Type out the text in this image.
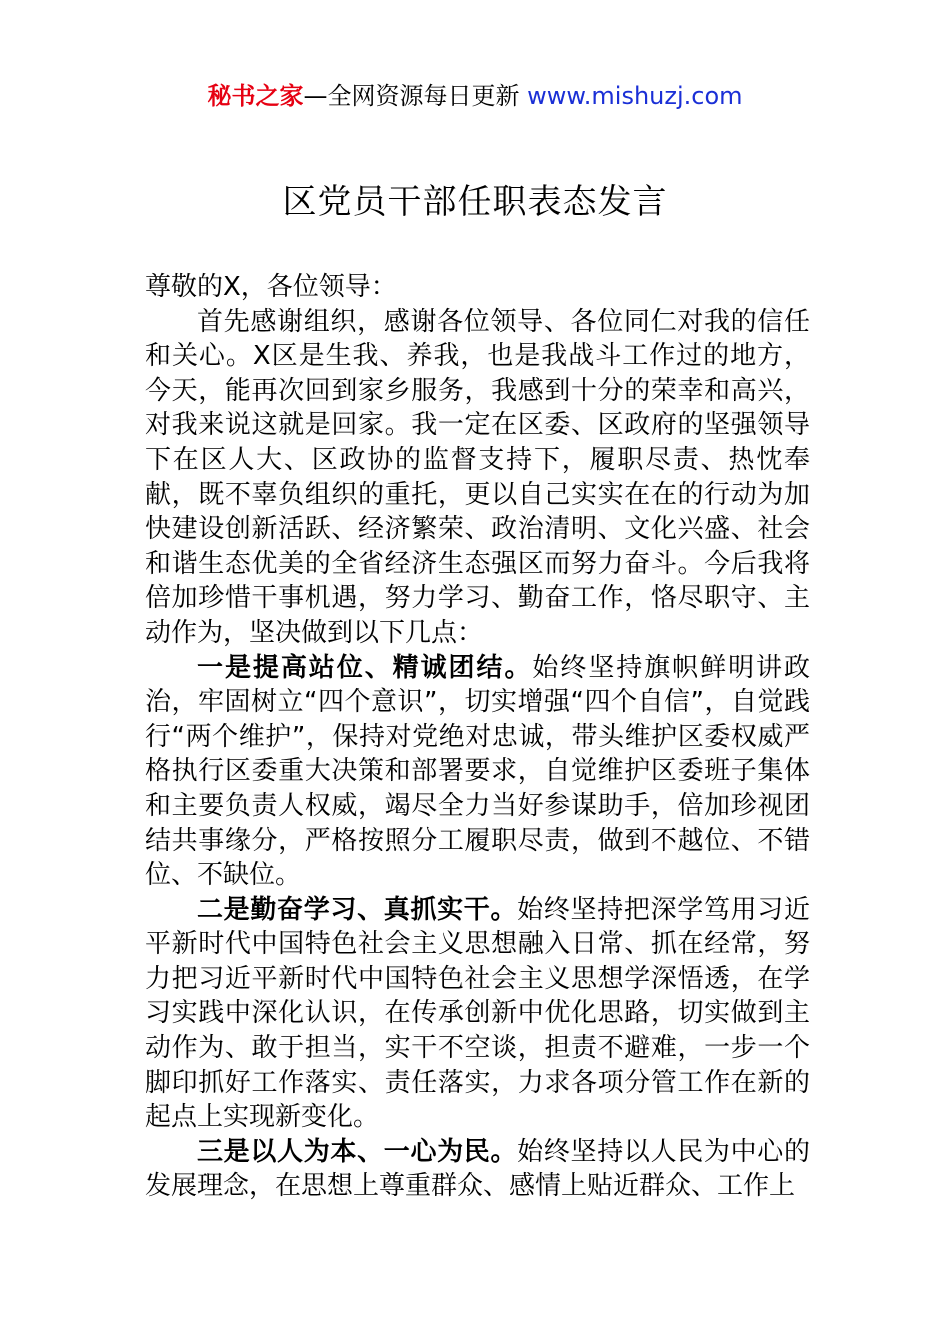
秘书之家—全网资源每日更新 www.mishuzj.com
区党员干部任职表态发言

尊敬的X，各位领导：

首先感谢组织，感谢各位领导、各位同仁对我的信任和关心。X区是生我、养我，也是我战斗工作过的地方，今天，能再次回到家乡服务，我感到十分的荣幸和高兴，对我来说这就是回家。我一定在区委、区政府的坚强领导下在区人大、区政协的监督支持下，履职尽责、热忱奉献，既不辜负组织的重托，更以自己实实在在的行动为加快建设创新活跃、经济繁荣、政治清明、文化兴盛、社会和谐生态优美的全省经济生态强区而努力奋斗。今后我将倍加珍惜干事机遇，努力学习、勤奋工作，恪尽职守、主动作为，坚决做到以下几点：

一是提高站位、精诚团结。始终坚持旗帜鲜明讲政治，牢固树立“四个意识”，切实增强“四个自信”，自觉践行“两个维护”，保持对党绝对忠诚，带头维护区委权威严格执行区委重大决策和部署要求，自觉维护区委班子集体和主要负责人权威，竭尽全力当好参谋助手，倍加珍视团结共事缘分，严格按照分工履职尽责，做到不越位、不错位、不缺位。

二是勤奋学习、真抓实干。始终坚持把深学笃用习近平新时代中国特色社会主义思想融入日常、抓在经常，努力把习近平新时代中国特色社会主义思想学深悟透，在学习实践中深化认识，在传承创新中优化思路，切实做到主动作为、敢于担当，实干不空谈，担责不避难，一步一个脚印抓好工作落实、责任落实，力求各项分管工作在新的起点上实现新变化。

三是以人为本、一心为民。始终坚持以人民为中心的发展理念，在思想上尊重群众、感情上贴近群众、工作上
